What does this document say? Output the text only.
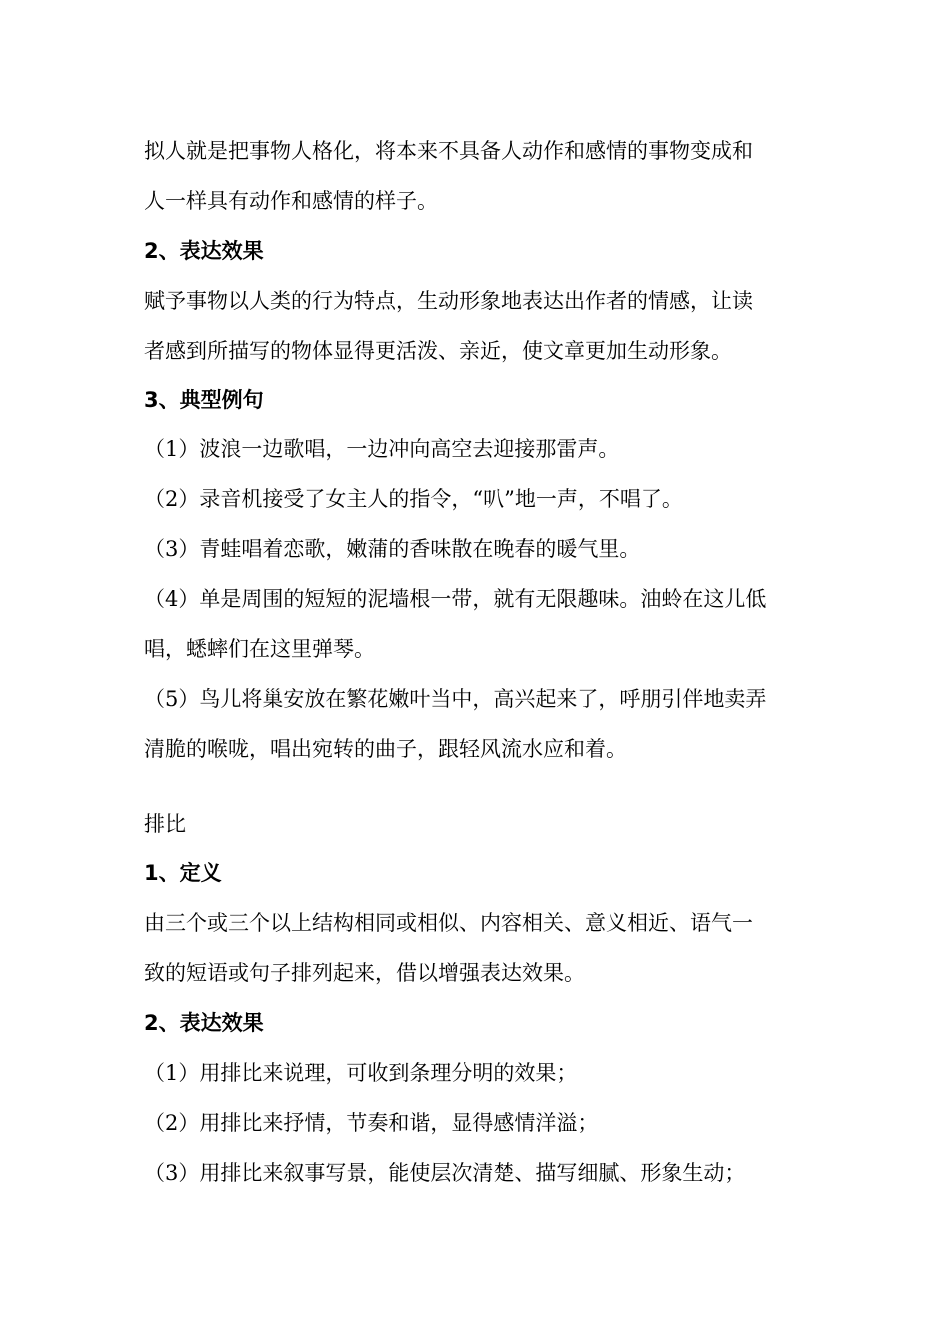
拟人就是把事物人格化，将本来不具备人动作和感情的事物变成和
人一样具有动作和感情的样子。
2、表达效果
赋予事物以人类的行为特点，生动形象地表达出作者的情感，让读
者感到所描写的物体显得更活泼、亲近，使文章更加生动形象。
3、典型例句
（1）波浪一边歌唱，一边冲向高空去迎接那雷声。
（2）录音机接受了女主人的指令，“叭”地一声，不唱了。
（3）青蛙唱着恋歌，嫩蒲的香味散在晚春的暖气里。
（4）单是周围的短短的泥墙根一带，就有无限趣味。油蛉在这儿低
唱，蟋蟀们在这里弹琴。
（5）鸟儿将巢安放在繁花嫩叶当中，高兴起来了，呼朋引伴地卖弄
清脆的喉咙，唱出宛转的曲子，跟轻风流水应和着。
排比
1、定义
由三个或三个以上结构相同或相似、内容相关、意义相近、语气一
致的短语或句子排列起来，借以增强表达效果。
2、表达效果
（1）用排比来说理，可收到条理分明的效果；
（2）用排比来抒情，节奏和谐，显得感情洋溢；
（3）用排比来叙事写景，能使层次清楚、描写细腻、形象生动；
